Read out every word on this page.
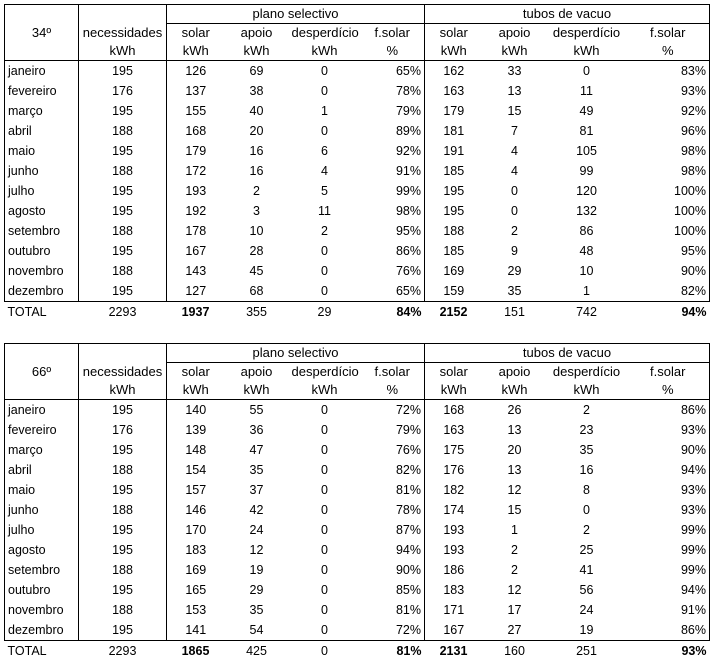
34º		plano selectivo				tubos de vacuo			
	necessidades	solar	apoio	desperdício	f.solar	solar	apoio	desperdício	f.solar
	kWh	kWh	kWh	kWh	%	kWh	kWh	kWh	%
janeiro	195	126	69	0	65%	162	33	0	83%
fevereiro	176	137	38	0	78%	163	13	11	93%
março	195	155	40	1	79%	179	15	49	92%
abril	188	168	20	0	89%	181	7	81	96%
maio	195	179	16	6	92%	191	4	105	98%
junho	188	172	16	4	91%	185	4	99	98%
julho	195	193	2	5	99%	195	0	120	100%
agosto	195	192	3	11	98%	195	0	132	100%
setembro	188	178	10	2	95%	188	2	86	100%
outubro	195	167	28	0	86%	185	9	48	95%
novembro	188	143	45	0	76%	169	29	10	90%
dezembro	195	127	68	0	65%	159	35	1	82%
TOTAL	2293	1937	355	29	84%	2152	151	742	94%
66º		plano selectivo				tubos de vacuo			
	necessidades	solar	apoio	desperdício	f.solar	solar	apoio	desperdício	f.solar
	kWh	kWh	kWh	kWh	%	kWh	kWh	kWh	%
janeiro	195	140	55	0	72%	168	26	2	86%
fevereiro	176	139	36	0	79%	163	13	23	93%
março	195	148	47	0	76%	175	20	35	90%
abril	188	154	35	0	82%	176	13	16	94%
maio	195	157	37	0	81%	182	12	8	93%
junho	188	146	42	0	78%	174	15	0	93%
julho	195	170	24	0	87%	193	1	2	99%
agosto	195	183	12	0	94%	193	2	25	99%
setembro	188	169	19	0	90%	186	2	41	99%
outubro	195	165	29	0	85%	183	12	56	94%
novembro	188	153	35	0	81%	171	17	24	91%
dezembro	195	141	54	0	72%	167	27	19	86%
TOTAL	2293	1865	425	0	81%	2131	160	251	93%
